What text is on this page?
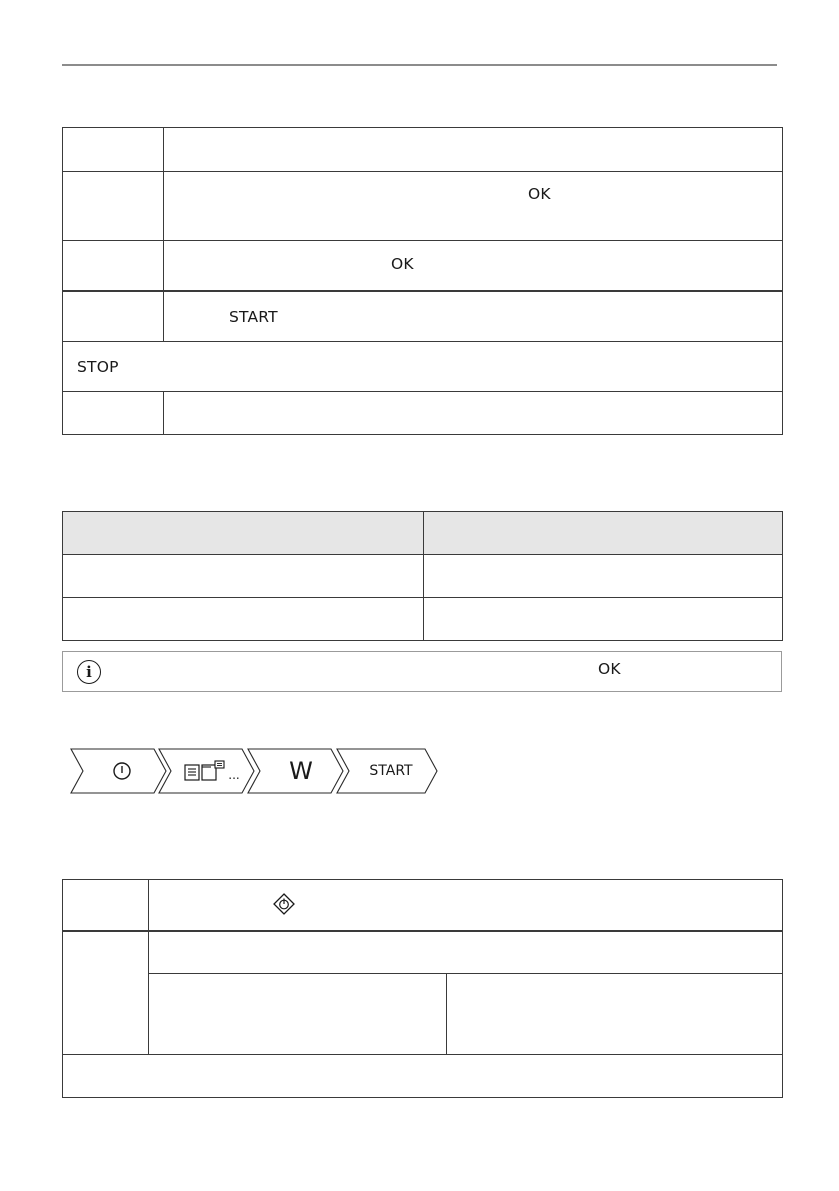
	OK

	OK

	START

STOP	

i	OK
... W	START
